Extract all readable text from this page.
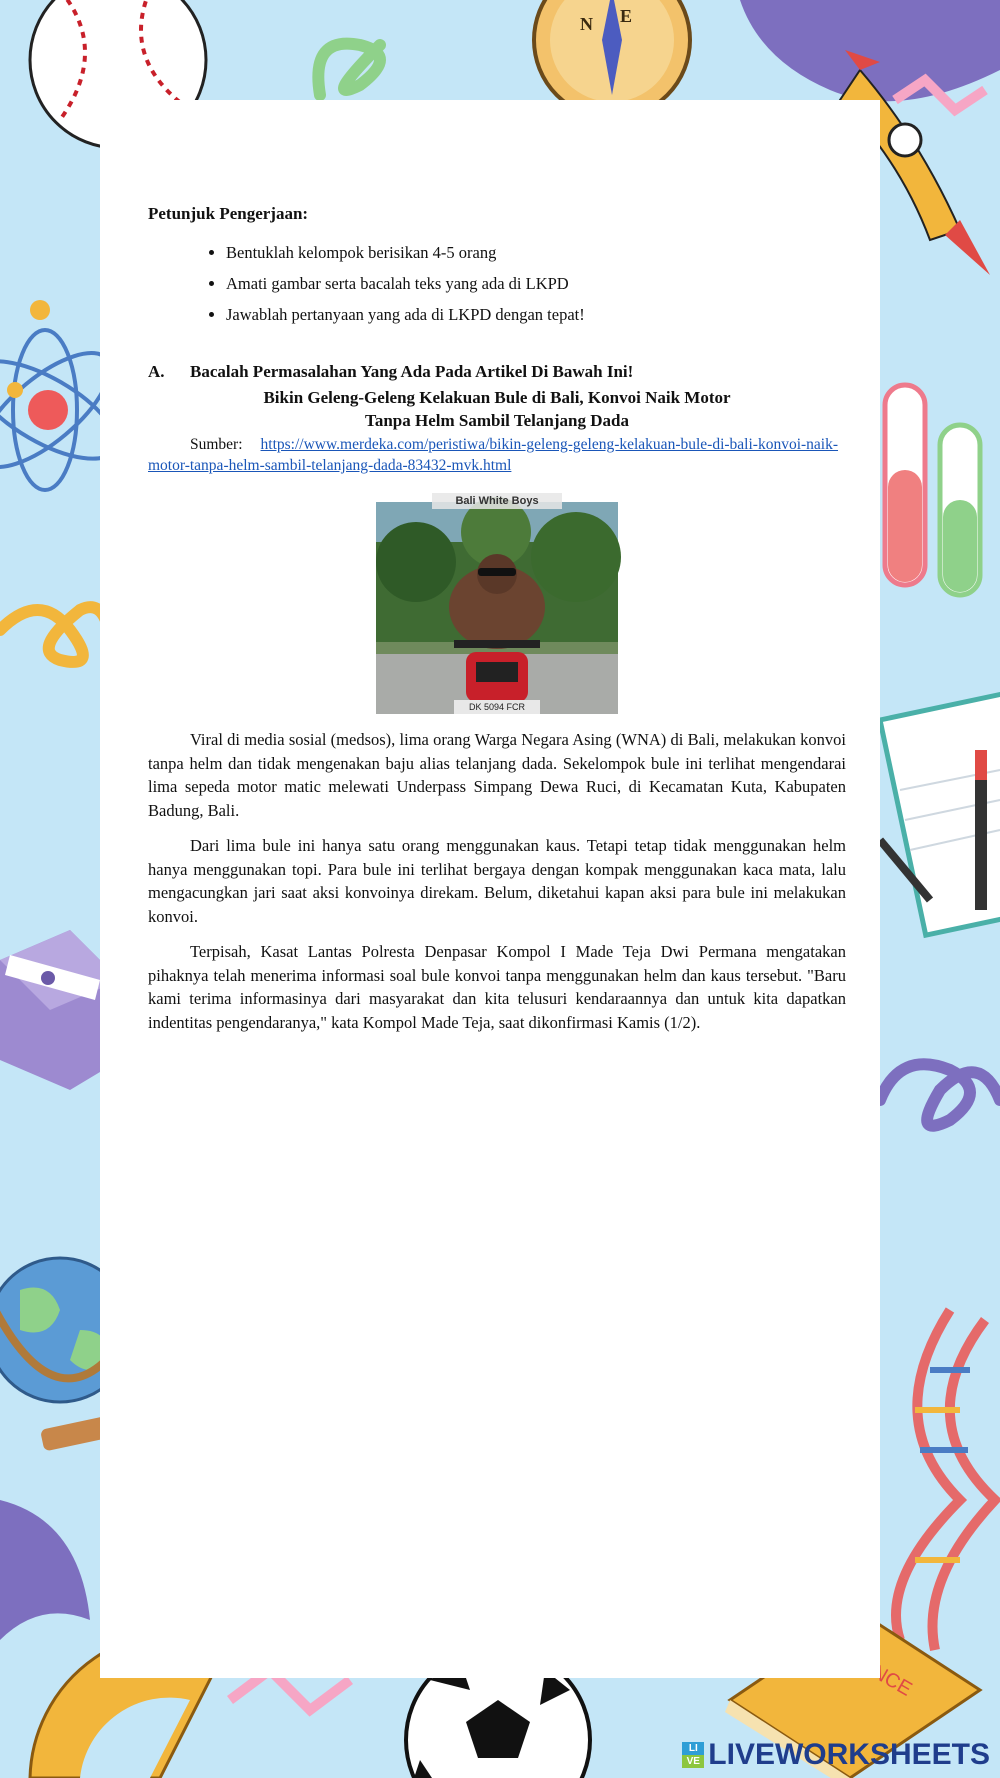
N E
Petunjuk Pengerjaan:
• Bentuklah kelompok berisikan 4-5 orang
• Amati gambar serta bacalah teks yang ada di LKPD
• Jawablah pertanyaan yang ada di LKPD dengan tepat!
A.	Bacalah Permasalahan Yang Ada Pada Artikel Di Bawah Ini!
Bikin Geleng-Geleng Kelakuan Bule di Bali, Konvoi Naik Motor
Tanpa Helm Sambil Telanjang Dada
Sumber: https://www.merdeka.com/peristiwa/bikin-geleng-geleng-kelakuan-bule-di-bali-konvoi-naik-motor-tanpa-helm-sambil-telanjang-dada-83432-mvk.html
Bali White Boys
DK 5094 FCR

Viral di media sosial (medsos), lima orang Warga Negara Asing (WNA) di Bali, melakukan konvoi tanpa helm dan tidak mengenakan baju alias telanjang dada. Sekelompok bule ini terlihat mengendarai lima sepeda motor matic melewati Underpass Simpang Dewa Ruci, di Kecamatan Kuta, Kabupaten Badung, Bali.

Dari lima bule ini hanya satu orang menggunakan kaus. Tetapi tetap tidak menggunakan helm hanya menggunakan topi. Para bule ini terlihat bergaya dengan kompak menggunakan kaca mata, lalu mengacungkan jari saat aksi konvoinya direkam. Belum, diketahui kapan aksi para bule ini melakukan konvoi.

Terpisah, Kasat Lantas Polresta Denpasar Kompol I Made Teja Dwi Permana mengatakan pihaknya telah menerima informasi soal bule konvoi tanpa menggunakan helm dan kaus tersebut. "Baru kami terima informasinya dari masyarakat dan kita telusuri kendaraannya dan untuk kita dapatkan indentitas pengendaranya," kata Kompol Made Teja, saat dikonfirmasi Kamis (1/2).

LI
VE LIVEWORKSHEETS
